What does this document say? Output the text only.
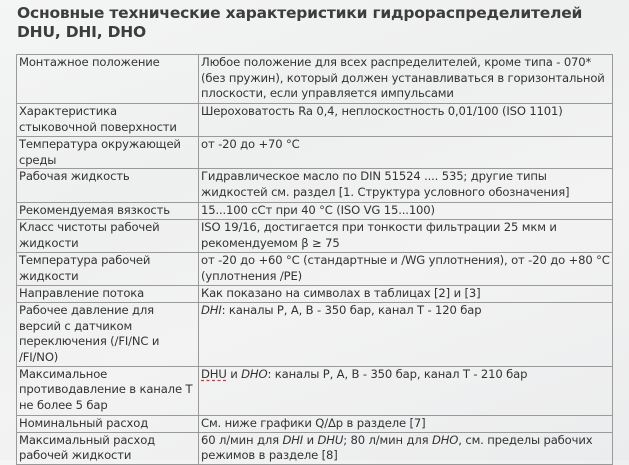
Основные технические характеристики гидрораспределителей DHU, DHI, DHO
Монтажное положение	Любое положение для всех распределителей, кроме типа - 070* (без пружин), который должен устанавливаться в горизонтальной плоскости, если управляется импульсами
Характеристика стыковочной поверхности	Шероховатость Ra 0,4, неплоскостность 0,01/100 (ISO 1101)
Температура окружающей среды	от -20 до +70 °C
Рабочая жидкость	Гидравлическое масло по DIN 51524 .... 535; другие типы жидкостей см. раздел [1. Структура условного обозначения]
Рекомендуемая вязкость	15...100 сСт при 40 °C (ISO VG 15...100)
Класс чистоты рабочей жидкости	ISO 19/16, достигается при тонкости фильтрации 25 мкм и рекомендуемом β ≥ 75
Температура рабочей жидкости	от -20 до +60 °C (стандартные и /WG уплотнения), от -20 до +80 °C (уплотнения /PE)
Направление потока	Как показано на символах в таблицах [2] и [3]
Рабочее давление для версий с датчиком переключения (/FI/NC и /FI/NO)	DHI: каналы P, A, B - 350 бар, канал T - 120 бар
Максимальное противодавление в канале T не более 5 бар	DHU и DHO: каналы P, A, B - 350 бар, канал T - 210 бар
Номинальный расход	См. ниже графики Q/Δp в разделе [7]
Максимальный расход рабочей жидкости	60 л/мин для DHI и DHU; 80 л/мин для DHO, см. пределы рабочих режимов в разделе [8]
